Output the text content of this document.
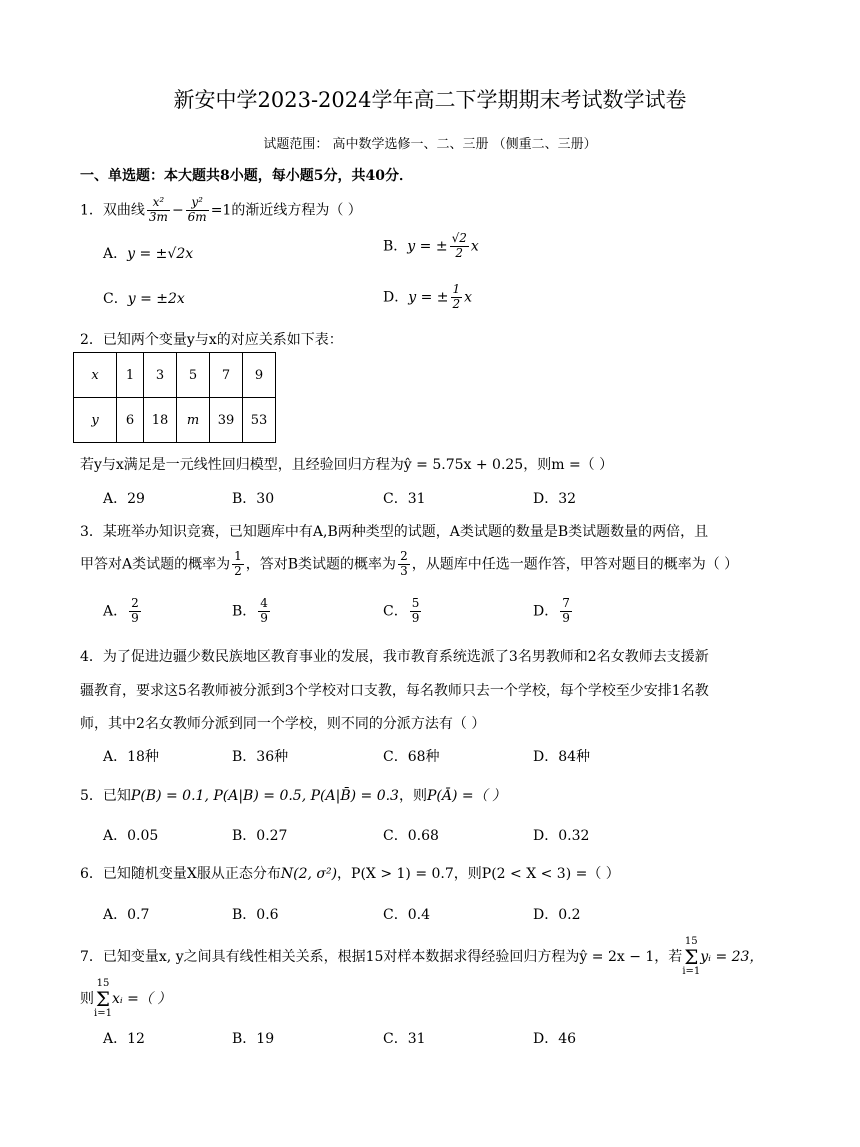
新安中学2023-2024学年高二下学期期末考试数学试卷
试题范围： 高中数学选修一、二、三册 （侧重二、三册）
一、单选题：本大题共8小题，每小题5分，共40分．
1．双曲线 $\frac{\text{x²}}{3m} - \frac{\text{y²}}{6m} =1$的渐近线方程为（ ）
A．y = ±√2x	B．y = ± $\frac{√2}{2}$ x
C．y = ±2x	D．y = ± $\frac{1}{2}$ x
2．已知两个变量y与x的对应关系如下表：
x	1	3	5	7	9
y	6	18	m	39	53
若y与x满足是一元线性回归模型，且经验回归方程为ŷ = 5.75x + 0.25，则m =（ ）
A．29	B．30	C．31	D．32
3．某班举办知识竞赛，已知题库中有A,B两种类型的试题，A类试题的数量是B类试题数量的两倍，且
甲答对A类试题的概率为 $\frac{1}{2}$ ，答对B类试题的概率为 $\frac{2}{3}$ ，从题库中任选一题作答，甲答对题目的概率为（ ）
A． $\frac{2}{9}$	B． $\frac{4}{9}$	C． $\frac{5}{9}$	D． $\frac{7}{9}$
4．为了促进边疆少数民族地区教育事业的发展，我市教育系统选派了3名男教师和2名女教师去支援新
疆教育，要求这5名教师被分派到3个学校对口支教，每名教师只去一个学校，每个学校至少安排1名教
师，其中2名女教师分派到同一个学校，则不同的分派方法有（ ）
A．18种	B．36种	C．68种	D．84种
5．已知P(B) = 0.1, P(A|B) = 0.5, P(A|B̄) = 0.3，则P(Ā) =（ ）
A．0.05	B．0.27	C．0.68	D．0.32
6．已知随机变量X服从正态分布N(2, σ²)，P(X > 1) = 0.7，则P(2 < X < 3) =（ ）
A．0.7	B．0.6	C．0.4	D．0.2
7．已知变量x, y之间具有线性相关关系，根据15对样本数据求得经验回归方程为ŷ = 2x − 1，若15
Σ
i=1yᵢ = 23，
则15
Σ
i=1xᵢ =（ ）
A．12	B．19	C．31	D．46
